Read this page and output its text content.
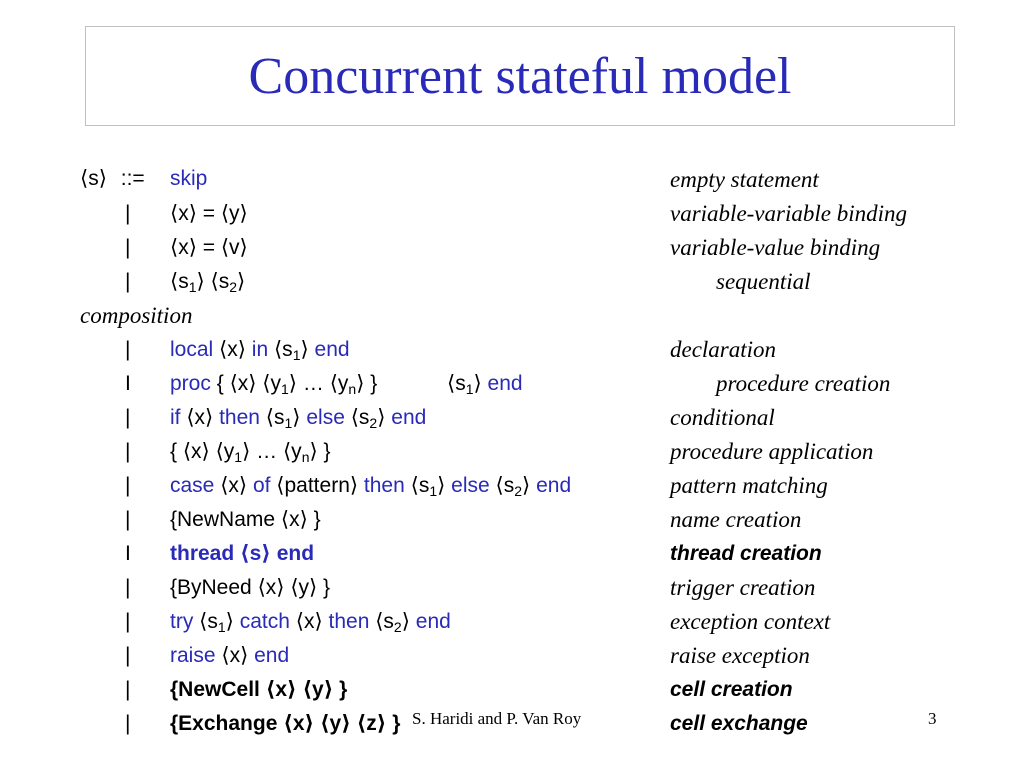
Concurrent stateful model
⟨s⟩ ::= skip
| ⟨x⟩ = ⟨y⟩
| ⟨x⟩ = ⟨v⟩
| $⟨s_1⟩$ $⟨s_2⟩$
| local ⟨x⟩ in $⟨s_1⟩$ end
I proc { ⟨x⟩ $⟨y_1⟩$ … $⟨y_n⟩$ }	$⟨s_1⟩$ end
| if ⟨x⟩ then $⟨s_1⟩$ else $⟨s_2⟩$ end
| { ⟨x⟩ $⟨y_1⟩$ … $⟨y_n⟩$ }
| case ⟨x⟩ of ⟨pattern⟩ then $⟨s_1⟩$ else $⟨s_2⟩$ end
| {NewName ⟨x⟩ }
I thread ⟨s⟩ end
| {ByNeed ⟨x⟩ ⟨y⟩ }
| try $⟨s_1⟩$ catch ⟨x⟩ then $⟨s_2⟩$ end
| raise ⟨x⟩ end
| {NewCell ⟨x⟩ ⟨y⟩ }
| {Exchange ⟨x⟩ ⟨y⟩ ⟨z⟩ }
empty statement
variable-variable binding
variable-value binding
sequential
composition
declaration
procedure creation
conditional
procedure application
pattern matching
name creation
thread creation
trigger creation
exception context
raise exception
cell creation
cell exchange
S. Haridi and P. Van Roy	3
